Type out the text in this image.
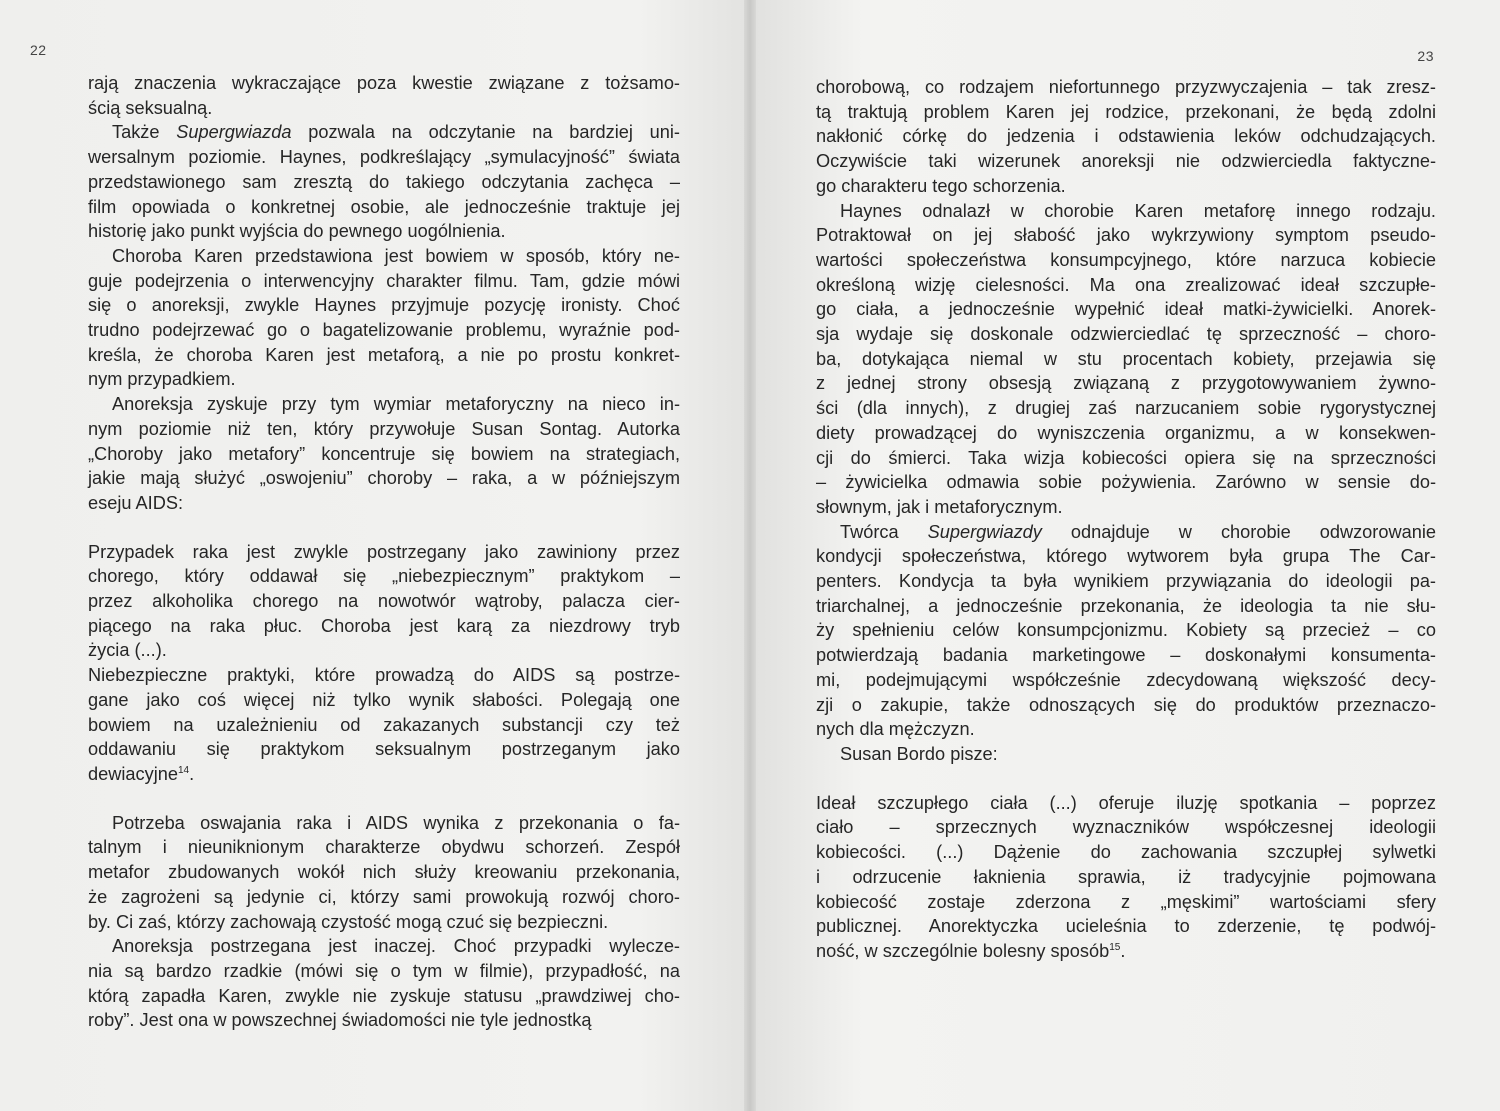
22

rają znaczenia wykraczające poza kwestie związane z tożsamo-

ścią seksualną.

Także Supergwiazda pozwala na odczytanie na bardziej uni-

wersalnym poziomie. Haynes, podkreślający „symulacyjność” świata

przedstawionego sam zresztą do takiego odczytania zachęca –

film opowiada o konkretnej osobie, ale jednocześnie traktuje jej

historię jako punkt wyjścia do pewnego uogólnienia.

Choroba Karen przedstawiona jest bowiem w sposób, który ne-

guje podejrzenia o interwencyjny charakter filmu. Tam, gdzie mówi

się o anoreksji, zwykle Haynes przyjmuje pozycję ironisty. Choć

trudno podejrzewać go o bagatelizowanie problemu, wyraźnie pod-

kreśla, że choroba Karen jest metaforą, a nie po prostu konkret-

nym przypadkiem.

Anoreksja zyskuje przy tym wymiar metaforyczny na nieco in-

nym poziomie niż ten, który przywołuje Susan Sontag. Autorka

„Choroby jako metafory” koncentruje się bowiem na strategiach,

jakie mają służyć „oswojeniu” choroby – raka, a w późniejszym

eseju AIDS:

Przypadek raka jest zwykle postrzegany jako zawiniony przez

chorego, który oddawał się „niebezpiecznym” praktykom –

przez alkoholika chorego na nowotwór wątroby, palacza cier-

piącego na raka płuc. Choroba jest karą za niezdrowy tryb

życia (...).

Niebezpieczne praktyki, które prowadzą do AIDS są postrze-

gane jako coś więcej niż tylko wynik słabości. Polegają one

bowiem na uzależnieniu od zakazanych substancji czy też

oddawaniu się praktykom seksualnym postrzeganym jako

dewiacyjne$^{14}$.

Potrzeba oswajania raka i AIDS wynika z przekonania o fa-

talnym i nieuniknionym charakterze obydwu schorzeń. Zespół

metafor zbudowanych wokół nich służy kreowaniu przekonania,

że zagrożeni są jedynie ci, którzy sami prowokują rozwój choro-

by. Ci zaś, którzy zachowają czystość mogą czuć się bezpieczni.

Anoreksja postrzegana jest inaczej. Choć przypadki wylecze-

nia są bardzo rzadkie (mówi się o tym w filmie), przypadłość, na

którą zapadła Karen, zwykle nie zyskuje statusu „prawdziwej cho-

roby”. Jest ona w powszechnej świadomości nie tyle jednostką

23

chorobową, co rodzajem niefortunnego przyzwyczajenia – tak zresz-

tą traktują problem Karen jej rodzice, przekonani, że będą zdolni

nakłonić córkę do jedzenia i odstawienia leków odchudzających.

Oczywiście taki wizerunek anoreksji nie odzwierciedla faktyczne-

go charakteru tego schorzenia.

Haynes odnalazł w chorobie Karen metaforę innego rodzaju.

Potraktował on jej słabość jako wykrzywiony symptom pseudo-

wartości społeczeństwa konsumpcyjnego, które narzuca kobiecie

określoną wizję cielesności. Ma ona zrealizować ideał szczupłe-

go ciała, a jednocześnie wypełnić ideał matki-żywicielki. Anorek-

sja wydaje się doskonale odzwierciedlać tę sprzeczność – choro-

ba, dotykająca niemal w stu procentach kobiety, przejawia się

z jednej strony obsesją związaną z przygotowywaniem żywno-

ści (dla innych), z drugiej zaś narzucaniem sobie rygorystycznej

diety prowadzącej do wyniszczenia organizmu, a w konsekwen-

cji do śmierci. Taka wizja kobiecości opiera się na sprzeczności

– żywicielka odmawia sobie pożywienia. Zarówno w sensie do-

słownym, jak i metaforycznym.

Twórca Supergwiazdy odnajduje w chorobie odwzorowanie

kondycji społeczeństwa, którego wytworem była grupa The Car-

penters. Kondycja ta była wynikiem przywiązania do ideologii pa-

triarchalnej, a jednocześnie przekonania, że ideologia ta nie słu-

ży spełnieniu celów konsumpcjonizmu. Kobiety są przecież – co

potwierdzają badania marketingowe – doskonałymi konsumenta-

mi, podejmującymi współcześnie zdecydowaną większość decy-

zji o zakupie, także odnoszących się do produktów przeznaczo-

nych dla mężczyzn.

Susan Bordo pisze:

Ideał szczupłego ciała (...) oferuje iluzję spotkania – poprzez

ciało – sprzecznych wyznaczników współczesnej ideologii

kobiecości. (...) Dążenie do zachowania szczupłej sylwetki

i odrzucenie łaknienia sprawia, iż tradycyjnie pojmowana

kobiecość zostaje zderzona z „męskimi” wartościami sfery

publicznej. Anorektyczka ucieleśnia to zderzenie, tę podwój-

ność, w szczególnie bolesny sposób$^{15}$.
